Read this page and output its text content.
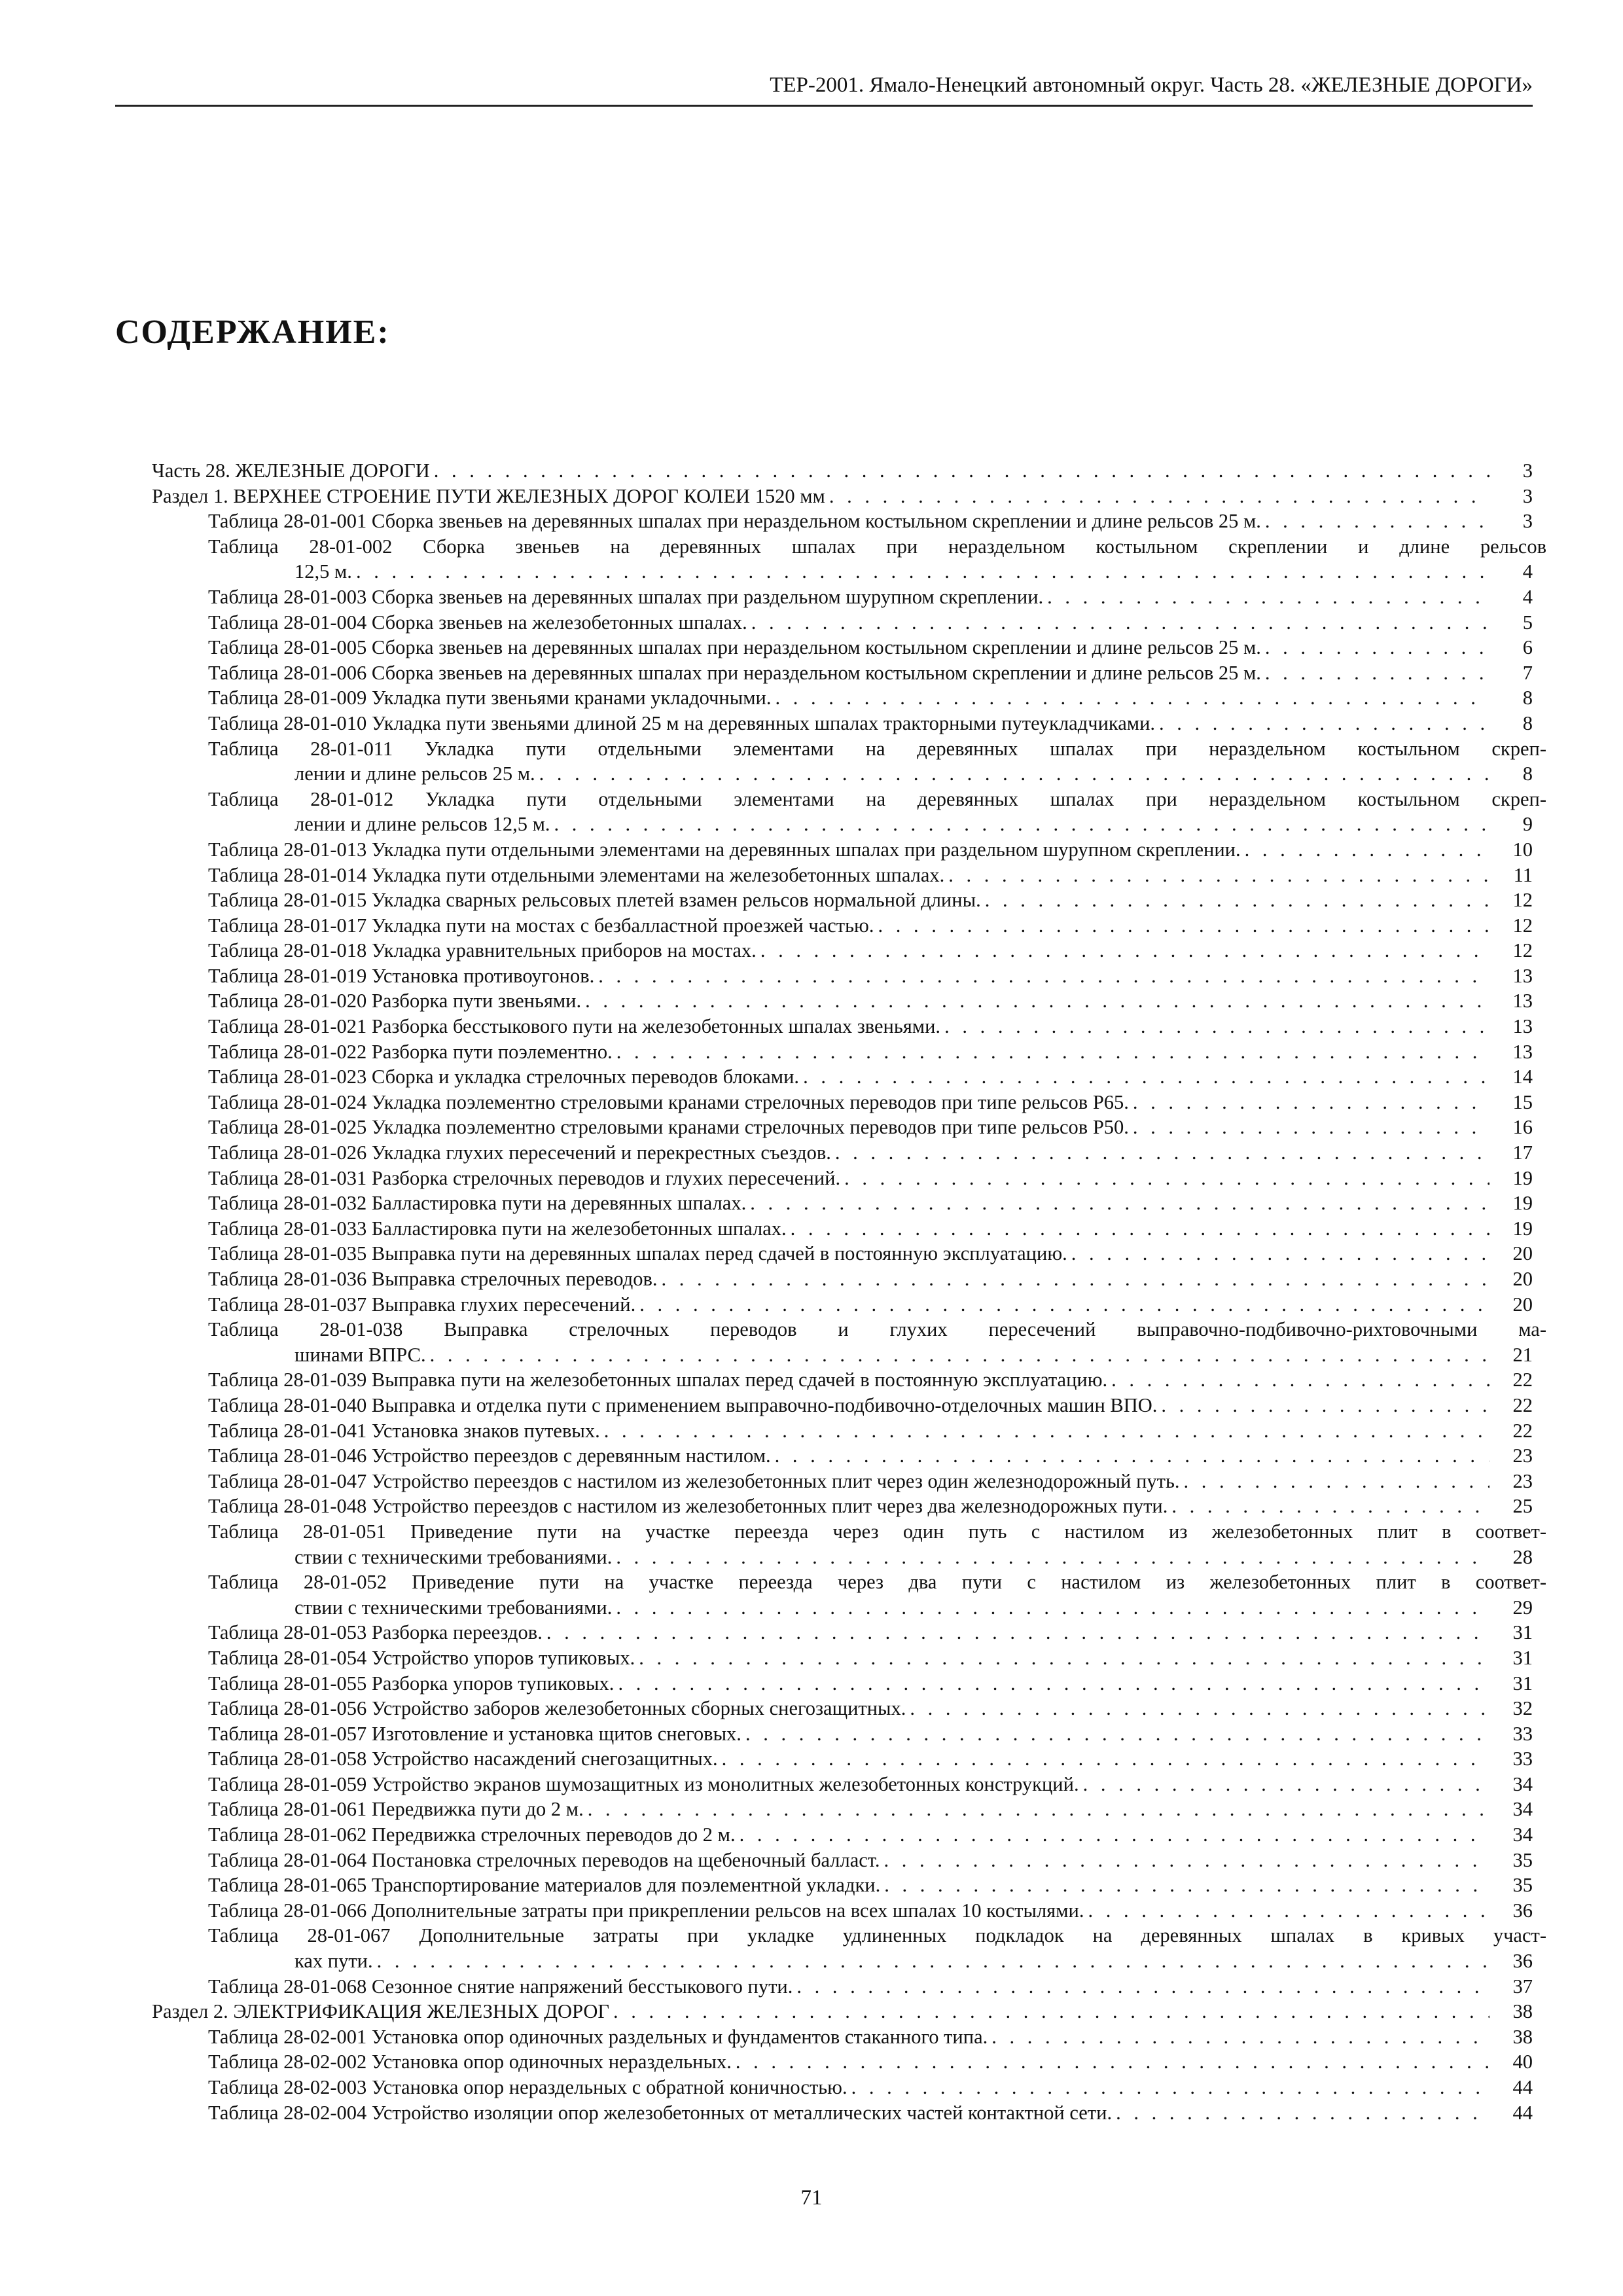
ТЕР-2001. Ямало-Ненецкий автономный округ. Часть 28. «ЖЕЛЕЗНЫЕ ДОРОГИ»
СОДЕРЖАНИЕ:
Часть 28. ЖЕЛЕЗНЫЕ ДОРОГИ . . .	3
Раздел 1. ВЕРХНЕЕ СТРОЕНИЕ ПУТИ ЖЕЛЕЗНЫХ ДОРОГ КОЛЕИ 1520 мм . . .	3
Таблица 28-01-001 Сборка звеньев на деревянных шпалах при нераздельном костыльном скреплении и длине рельсов 25 м. . . .	3
Таблица 28-01-002 Сборка звеньев на деревянных шпалах при нераздельном костыльном скреплении и длине рельсов
12,5 м. . . .	4
Таблица 28-01-003 Сборка звеньев на деревянных шпалах при раздельном шурупном скреплении. . . .	4
Таблица 28-01-004 Сборка звеньев на железобетонных шпалах. . . .	5
Таблица 28-01-005 Сборка звеньев на деревянных шпалах при нераздельном костыльном скреплении и длине рельсов 25 м. . . .	6
Таблица 28-01-006 Сборка звеньев на деревянных шпалах при нераздельном костыльном скреплении и длине рельсов 25 м. . . .	7
Таблица 28-01-009 Укладка пути звеньями кранами укладочными. . . .	8
Таблица 28-01-010 Укладка пути звеньями длиной 25 м на деревянных шпалах тракторными путеукладчиками. . . .	8
Таблица 28-01-011 Укладка пути отдельными элементами на деревянных шпалах при нераздельном костыльном скреп-
лении и длине рельсов 25 м. . . .	8
Таблица 28-01-012 Укладка пути отдельными элементами на деревянных шпалах при нераздельном костыльном скреп-
лении и длине рельсов 12,5 м. . . .	9
Таблица 28-01-013 Укладка пути отдельными элементами на деревянных шпалах при раздельном шурупном скреплении. . . .	10
Таблица 28-01-014 Укладка пути отдельными элементами на железобетонных шпалах. . . .	11
Таблица 28-01-015 Укладка сварных рельсовых плетей взамен рельсов нормальной длины. . . .	12
Таблица 28-01-017 Укладка пути на мостах с безбалластной проезжей частью. . . .	12
Таблица 28-01-018 Укладка уравнительных приборов на мостах. . . .	12
Таблица 28-01-019 Установка противоугонов. . . .	13
Таблица 28-01-020 Разборка пути звеньями. . . .	13
Таблица 28-01-021 Разборка бесстыкового пути на железобетонных шпалах звеньями. . . .	13
Таблица 28-01-022 Разборка пути поэлементно. . . .	13
Таблица 28-01-023 Сборка и укладка стрелочных переводов блоками. . . .	14
Таблица 28-01-024 Укладка поэлементно стреловыми кранами стрелочных переводов при типе рельсов Р65. . . .	15
Таблица 28-01-025 Укладка поэлементно стреловыми кранами стрелочных переводов при типе рельсов Р50. . . .	16
Таблица 28-01-026 Укладка глухих пересечений и перекрестных съездов. . . .	17
Таблица 28-01-031 Разборка стрелочных переводов и глухих пересечений. . . .	19
Таблица 28-01-032 Балластировка пути на деревянных шпалах. . . .	19
Таблица 28-01-033 Балластировка пути на железобетонных шпалах. . . .	19
Таблица 28-01-035 Выправка пути на деревянных шпалах перед сдачей в постоянную эксплуатацию. . . .	20
Таблица 28-01-036 Выправка стрелочных переводов. . . .	20
Таблица 28-01-037 Выправка глухих пересечений. . . .	20
Таблица 28-01-038 Выправка стрелочных переводов и глухих пересечений выправочно-подбивочно-рихтовочными ма-
шинами ВПРС. . . .	21
Таблица 28-01-039 Выправка пути на железобетонных шпалах перед сдачей в постоянную эксплуатацию. . . .	22
Таблица 28-01-040 Выправка и отделка пути с применением выправочно-подбивочно-отделочных машин ВПО. . . .	22
Таблица 28-01-041 Установка знаков путевых. . . .	22
Таблица 28-01-046 Устройство переездов с деревянным настилом. . . .	23
Таблица 28-01-047 Устройство переездов с настилом из железобетонных плит через один железнодорожный путь. . . .	23
Таблица 28-01-048 Устройство переездов с настилом из железобетонных плит через два железнодорожных пути. . . .	25
Таблица 28-01-051 Приведение пути на участке переезда через один путь с настилом из железобетонных плит в соответ-
ствии с техническими требованиями. . . .	28
Таблица 28-01-052 Приведение пути на участке переезда через два пути с настилом из железобетонных плит в соответ-
ствии с техническими требованиями. . . .	29
Таблица 28-01-053 Разборка переездов. . . .	31
Таблица 28-01-054 Устройство упоров тупиковых. . . .	31
Таблица 28-01-055 Разборка упоров тупиковых. . . .	31
Таблица 28-01-056 Устройство заборов железобетонных сборных снегозащитных. . . .	32
Таблица 28-01-057 Изготовление и установка щитов снеговых. . . .	33
Таблица 28-01-058 Устройство насаждений снегозащитных. . . .	33
Таблица 28-01-059 Устройство экранов шумозащитных из монолитных железобетонных конструкций. . . .	34
Таблица 28-01-061 Передвижка пути до 2 м. . . .	34
Таблица 28-01-062 Передвижка стрелочных переводов до 2 м. . . .	34
Таблица 28-01-064 Постановка стрелочных переводов на щебеночный балласт. . . .	35
Таблица 28-01-065 Транспортирование материалов для поэлементной укладки. . . .	35
Таблица 28-01-066 Дополнительные затраты при прикреплении рельсов на всех шпалах 10 костылями. . . .	36
Таблица 28-01-067 Дополнительные затраты при укладке удлиненных подкладок на деревянных шпалах в кривых участ-
ках пути. . . .	36
Таблица 28-01-068 Сезонное снятие напряжений бесстыкового пути. . . .	37
Раздел 2. ЭЛЕКТРИФИКАЦИЯ ЖЕЛЕЗНЫХ ДОРОГ . . .	38
Таблица 28-02-001 Установка опор одиночных раздельных и фундаментов стаканного типа. . . .	38
Таблица 28-02-002 Установка опор одиночных нераздельных. . . .	40
Таблица 28-02-003 Установка опор нераздельных с обратной коничностью. . . .	44
Таблица 28-02-004 Устройство изоляции опор железобетонных от металлических частей контактной сети. . . .	44
71
